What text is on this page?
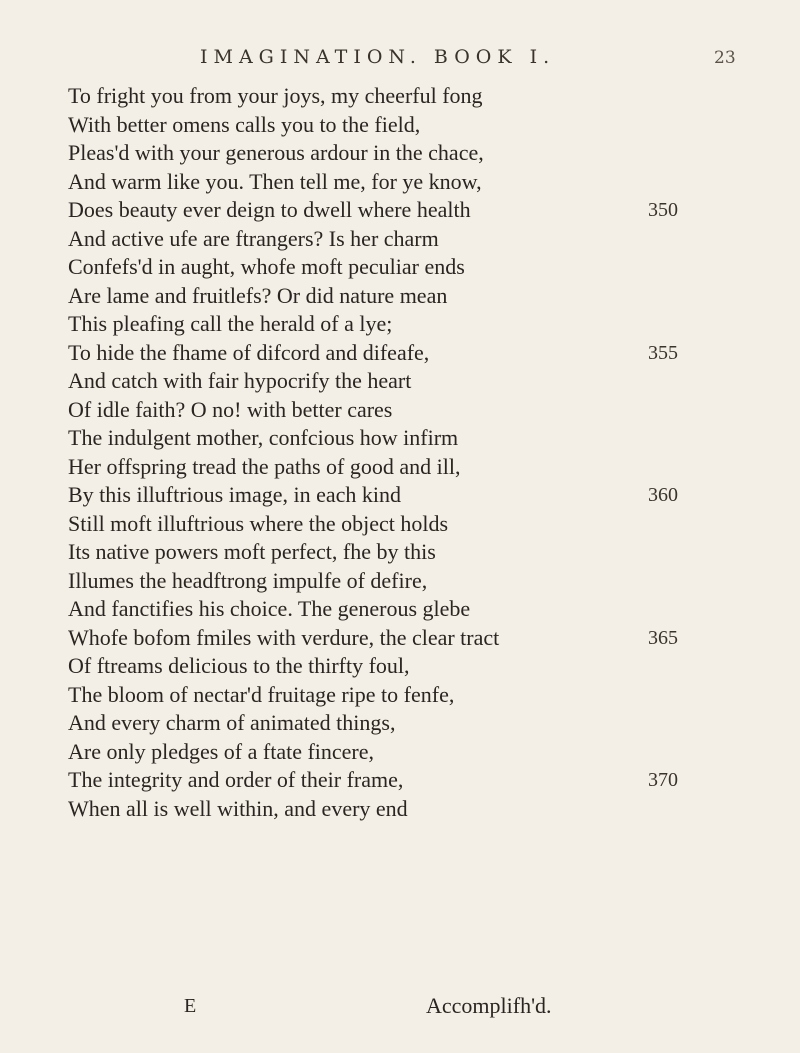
IMAGINATION. BOOK I.	23
To fright you from your joys, my cheerful fong
With better omens calls you to the field,
Pleas'd with your generous ardour in the chace,
And warm like you. Then tell me, for ye know,
Does beauty ever deign to dwell where health	350
And active ufe are ftrangers? Is her charm
Confefs'd in aught, whofe moft peculiar ends
Are lame and fruitlefs? Or did nature mean
This pleafing call the herald of a lye;
To hide the fhame of difcord and difeafe,	355
And catch with fair hypocrify the heart
Of idle faith? O no! with better cares
The indulgent mother, confcious how infirm
Her offspring tread the paths of good and ill,
By this illuftrious image, in each kind	360
Still moft illuftrious where the object holds
Its native powers moft perfect, fhe by this
Illumes the headftrong impulfe of defire,
And fanctifies his choice. The generous glebe
Whofe bofom fmiles with verdure, the clear tract	365
Of ftreams delicious to the thirfty foul,
The bloom of nectar'd fruitage ripe to fenfe,
And every charm of animated things,
Are only pledges of a ftate fincere,
The integrity and order of their frame,	370
When all is well within, and every end
E	Accomplifh'd.
